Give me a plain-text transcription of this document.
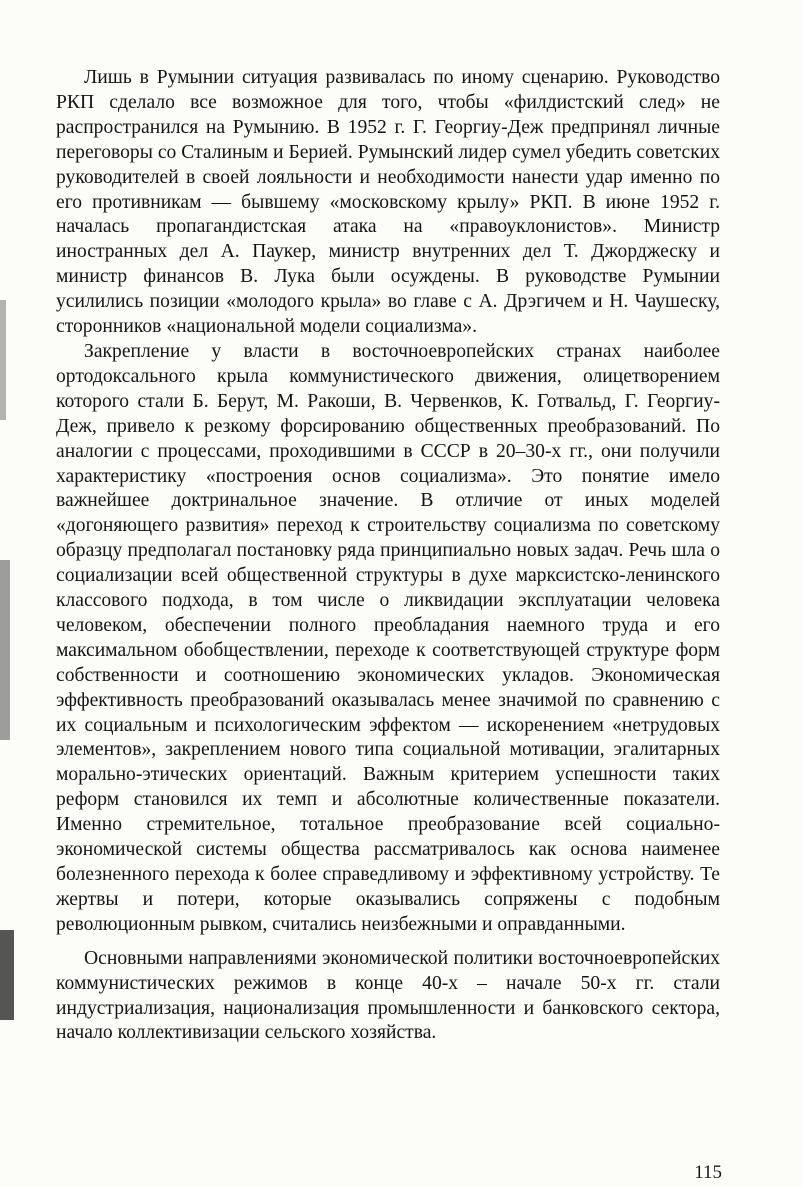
Лишь в Румынии ситуация развивалась по иному сценарию. Руководство РКП сделало все возможное для того, чтобы «филдистский след» не распространился на Румынию. В 1952 г. Г. Георгиу-Деж предпринял личные переговоры со Сталиным и Берией. Румынский лидер сумел убедить советских руководителей в своей лояльности и необходимости нанести удар именно по его противникам — бывшему «московскому крылу» РКП. В июне 1952 г. началась пропагандистская атака на «правоуклонистов». Министр иностранных дел А. Паукер, министр внутренних дел Т. Джорджеску и министр финансов В. Лука были осуждены. В руководстве Румынии усилились позиции «молодого крыла» во главе с А. Дрэгичем и Н. Чаушеску, сторонников «национальной модели социализма».

Закрепление у власти в восточноевропейских странах наиболее ортодоксального крыла коммунистического движения, олицетворением которого стали Б. Берут, М. Ракоши, В. Червенков, К. Готвальд, Г. Георгиу-Деж, привело к резкому форсированию общественных преобразований. По аналогии с процессами, проходившими в СССР в 20–30-х гг., они получили характеристику «построения основ социализма». Это понятие имело важнейшее доктринальное значение. В отличие от иных моделей «догоняющего развития» переход к строительству социализма по советскому образцу предполагал постановку ряда принципиально новых задач. Речь шла о социализации всей общественной структуры в духе марксистско-ленинского классового подхода, в том числе о ликвидации эксплуатации человека человеком, обеспечении полного преобладания наемного труда и его максимальном обобществлении, переходе к соответствующей структуре форм собственности и соотношению экономических укладов. Экономическая эффективность преобразований оказывалась менее значимой по сравнению с их социальным и психологическим эффектом — искоренением «нетрудовых элементов», закреплением нового типа социальной мотивации, эгалитарных морально-этических ориентаций. Важным критерием успешности таких реформ становился их темп и абсолютные количественные показатели. Именно стремительное, тотальное преобразование всей социально-экономической системы общества рассматривалось как основа наименее болезненного перехода к более справедливому и эффективному устройству. Те жертвы и потери, которые оказывались сопряжены с подобным революционным рывком, считались неизбежными и оправданными.

Основными направлениями экономической политики восточноевропейских коммунистических режимов в конце 40-х – начале 50-х гг. стали индустриализация, национализация промышленности и банковского сектора, начало коллективизации сельского хозяйства.

115
